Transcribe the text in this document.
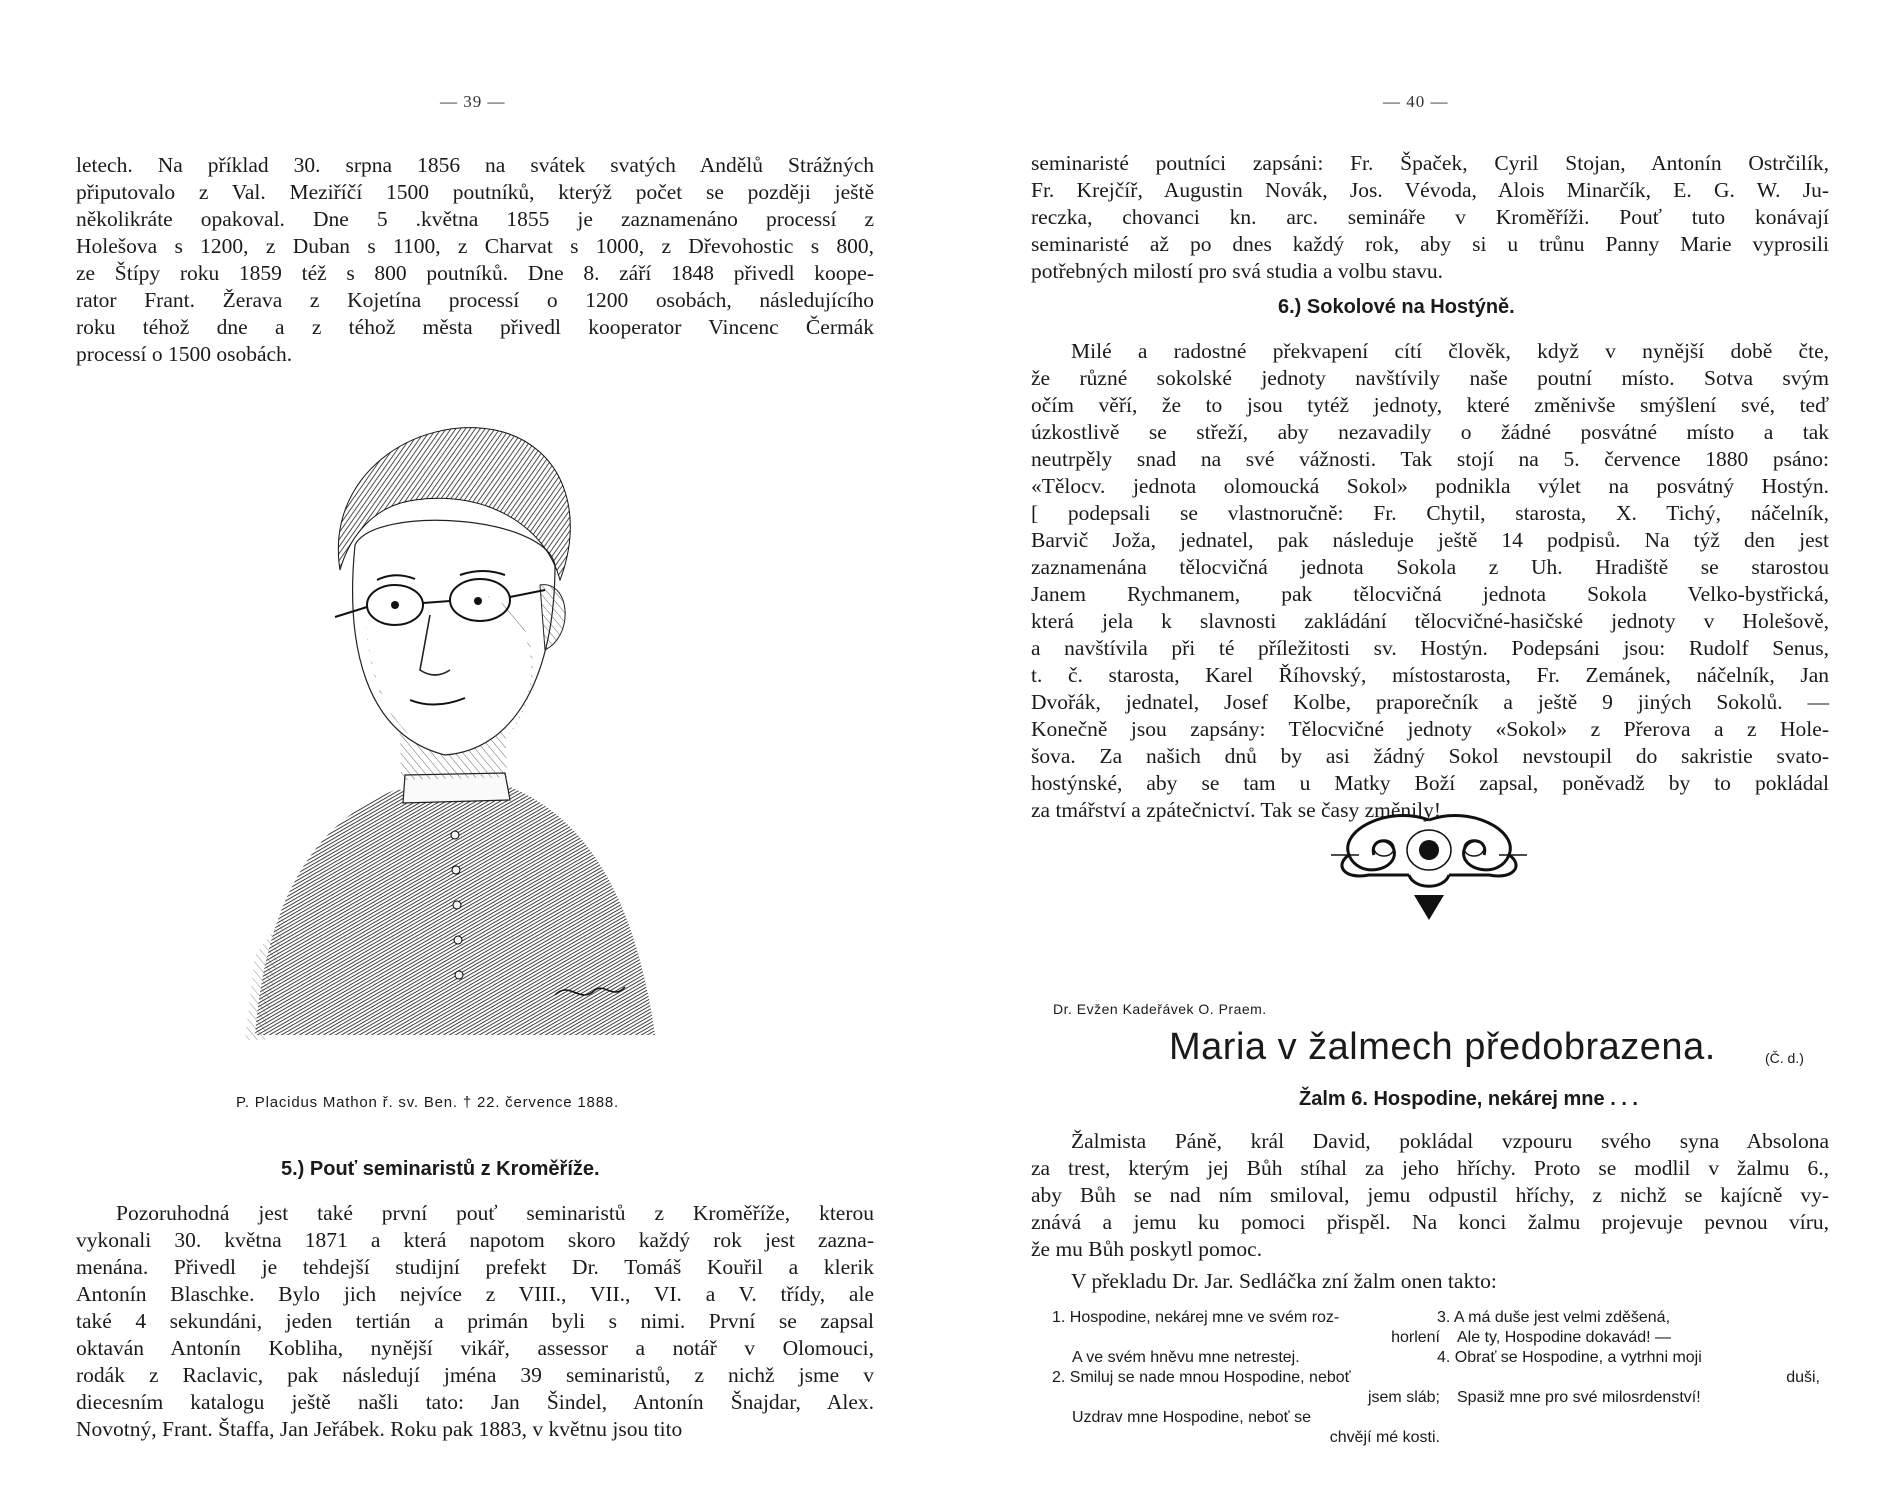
— 39 —

letech. Na příklad 30. srpna 1856 na svátek svatých Andělů Strážných
připutovalo z Val. Meziříčí 1500 poutníků, kterýž počet se později ještě
několikráte opakoval. Dne 5 .května 1855 je zaznamenáno processí z
Holešova s 1200, z Duban s 1100, z Charvat s 1000, z Dřevohostic s 800,
ze Štípy roku 1859 též s 800 poutníků. Dne 8. září 1848 přivedl koope-
rator Frant. Žerava z Kojetína processí o 1200 osobách, následujícího
roku téhož dne a z téhož města přivedl kooperator Vincenc Čermák
processí o 1500 osobách.

P. Placidus Mathon ř. sv. Ben. † 22. července 1888.
5.) Pouť seminaristů z Kroměříže.

Pozoruhodná jest také první pouť seminaristů z Kroměříže, kterou
vykonali 30. května 1871 a která napotom skoro každý rok jest zazna-
menána. Přivedl je tehdejší studijní prefekt Dr. Tomáš Kouřil a klerik
Antonín Blaschke. Bylo jich nejvíce z VIII., VII., VI. a V. třídy, ale
také 4 sekundáni, jeden tertián a primán byli s nimi. První se zapsal
oktaván Antonín Kobliha, nynější vikář, assessor a notář v Olomouci,
rodák z Raclavic, pak následují jména 39 seminaristů, z nichž jsme v
diecesním katalogu ještě našli tato: Jan Šindel, Antonín Šnajdar, Alex.
Novotný, Frant. Štaffa, Jan Jeřábek. Roku pak 1883, v květnu jsou tito

— 40 —

seminaristé poutníci zapsáni: Fr. Špaček, Cyril Stojan, Antonín Ostrčilík,
Fr. Krejčíř, Augustin Novák, Jos. Vévoda, Alois Minarčík, E. G. W. Ju-
reczka, chovanci kn. arc. semináře v Kroměříži. Pouť tuto konávají
seminaristé až po dnes každý rok, aby si u trůnu Panny Marie vyprosili
potřebných milostí pro svá studia a volbu stavu.

6.) Sokolové na Hostýně.

Milé a radostné překvapení cítí člověk, když v nynější době čte,
že různé sokolské jednoty navštívily naše poutní místo. Sotva svým
očím věří, že to jsou tytéž jednoty, které změnivše smýšlení své, teď
úzkostlivě se střeží, aby nezavadily o žádné posvátné místo a tak
neutrpěly snad na své vážnosti. Tak stojí na 5. července 1880 psáno:
«Tělocv. jednota olomoucká Sokol» podnikla výlet na posvátný Hostýn.
[ podepsali se vlastnoručně: Fr. Chytil, starosta, X. Tichý, náčelník,
Barvič Joža, jednatel, pak následuje ještě 14 podpisů. Na týž den jest
zaznamenána tělocvičná jednota Sokola z Uh. Hradiště se starostou
Janem Rychmanem, pak tělocvičná jednota Sokola Velko-bystřická,
která jela k slavnosti zakládání tělocvičné-hasičské jednoty v Holešově,
a navštívila při té příležitosti sv. Hostýn. Podepsáni jsou: Rudolf Senus,
t. č. starosta, Karel Říhovský, místostarosta, Fr. Zemánek, náčelník, Jan
Dvořák, jednatel, Josef Kolbe, praporečník a ještě 9 jiných Sokolů. —
Konečně jsou zapsány: Tělocvičné jednoty «Sokol» z Přerova a z Hole-
šova. Za našich dnů by asi žádný Sokol nevstoupil do sakristie svato-
hostýnské, aby se tam u Matky Boží zapsal, poněvadž by to pokládal
za tmářství a zpátečnictví. Tak se časy změnily!

Dr. Evžen Kadeřávek O. Praem.
Maria v žalmech předobrazena.	(Č. d.)
Žalm 6. Hospodine, nekárej mne . . .

Žalmista Páně, král David, pokládal vzpouru svého syna Absolona
za trest, kterým jej Bůh stíhal za jeho hříchy. Proto se modlil v žalmu 6.,
aby Bůh se nad ním smiloval, jemu odpustil hříchy, z nichž se kajícně vy-
znává a jemu ku pomoci přispěl. Na konci žalmu projevuje pevnou víru,
že mu Bůh poskytl pomoc.

V překladu Dr. Jar. Sedláčka zní žalm onen takto:
1. Hospodine, nekárej mne ve svém roz-
horlení
A ve svém hněvu mne netrestej.
2. Smiluj se nade mnou Hospodine, neboť
jsem sláb;
Uzdrav mne Hospodine, neboť se
chvějí mé kosti.
3. A má duše jest velmi zděšená,
Ale ty, Hospodine dokavád! —
4. Obrať se Hospodine, a vytrhni moji
duši,
Spasiž mne pro své milosrdenství!
